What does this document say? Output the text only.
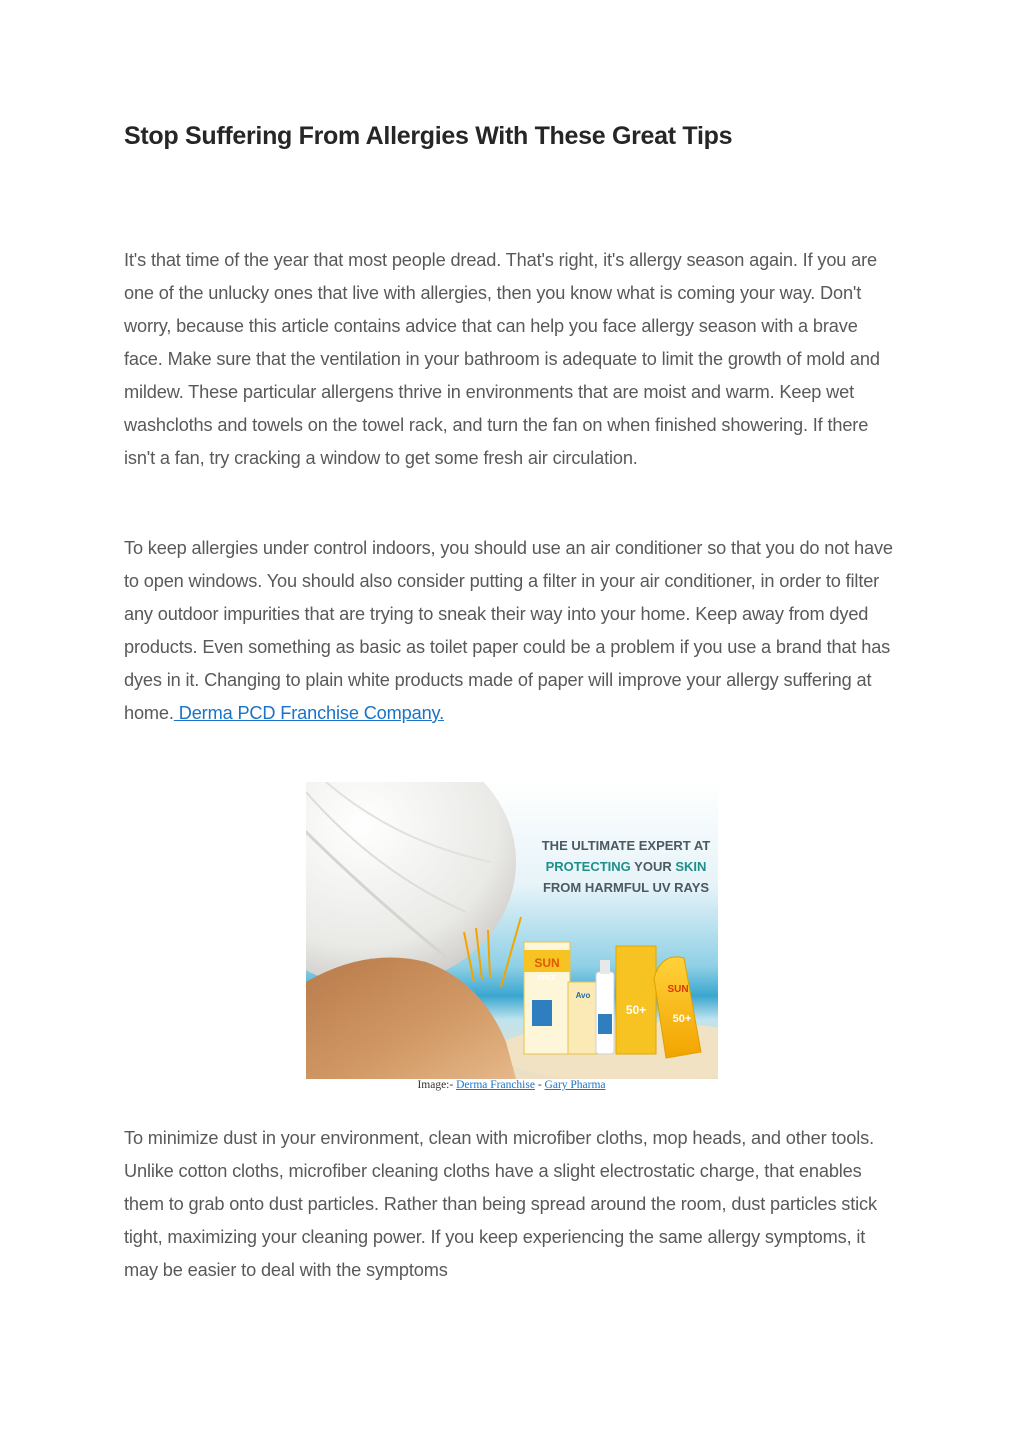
Stop Suffering From Allergies With These Great Tips

It's that time of the year that most people dread. That's right, it's allergy season again. If you are one of the unlucky ones that live with allergies, then you know what is coming your way. Don't worry, because this article contains advice that can help you face allergy season with a brave face. Make sure that the ventilation in your bathroom is adequate to limit the growth of mold and mildew. These particular allergens thrive in environments that are moist and warm. Keep wet washcloths and towels on the towel rack, and turn the fan on when finished showering. If there isn't a fan, try cracking a window to get some fresh air circulation.

To keep allergies under control indoors, you should use an air conditioner so that you do not have to open windows. You should also consider putting a filter in your air conditioner, in order to filter any outdoor impurities that are trying to sneak their way into your home. Keep away from dyed products. Even something as basic as toilet paper could be a problem if you use a brand that has dyes in it. Changing to plain white products made of paper will improve your allergy suffering at home. Derma PCD Franchise Company.

THE ULTIMATE EXPERT AT
PROTECTING YOUR SKIN
FROM HARMFUL UV RAYS
SUN
FREE
Avo
50+
SUN
50+
Image:- Derma Franchise - Gary Pharma

To minimize dust in your environment, clean with microfiber cloths, mop heads, and other tools. Unlike cotton cloths, microfiber cleaning cloths have a slight electrostatic charge, that enables them to grab onto dust particles. Rather than being spread around the room, dust particles stick tight, maximizing your cleaning power. If you keep experiencing the same allergy symptoms, it may be easier to deal with the symptoms
